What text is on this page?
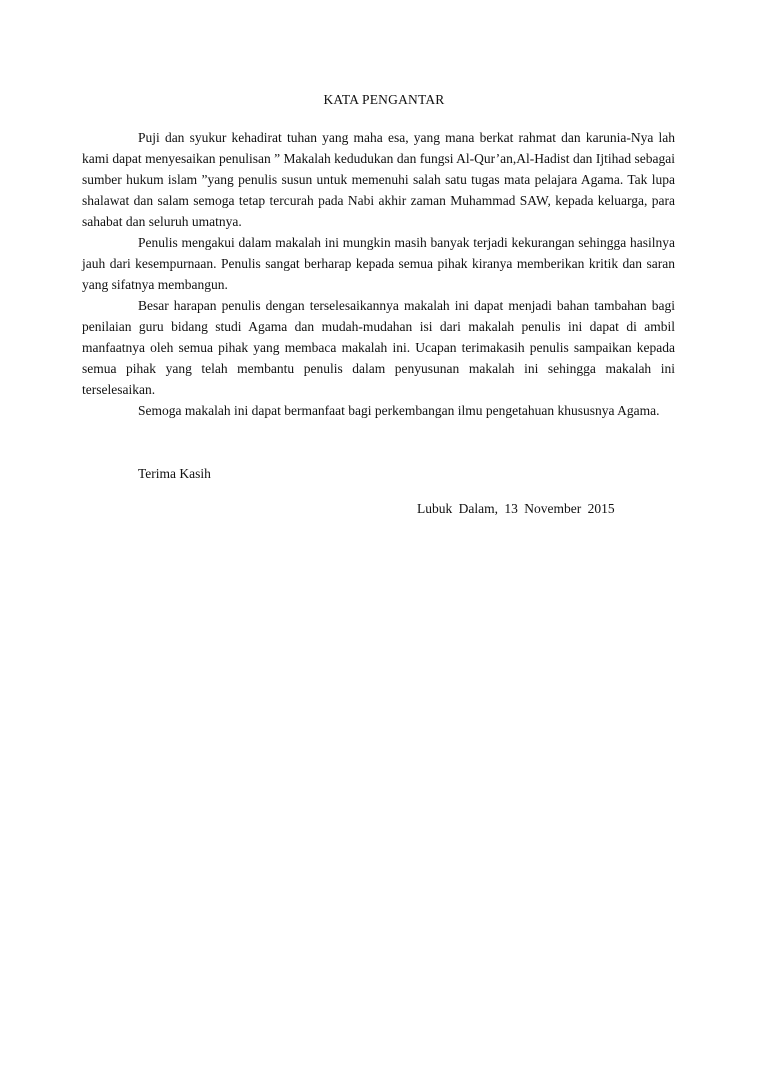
KATA PENGANTAR

Puji dan syukur kehadirat tuhan yang maha esa, yang mana berkat rahmat dan karunia-Nya lah kami dapat menyesaikan penulisan ” Makalah kedudukan dan fungsi Al-Qur’an,Al-Hadist dan Ijtihad sebagai sumber hukum islam ”yang penulis susun untuk memenuhi salah satu tugas mata pelajara Agama. Tak lupa shalawat dan salam semoga tetap tercurah pada Nabi akhir zaman Muhammad SAW, kepada keluarga, para sahabat dan seluruh umatnya.

Penulis mengakui dalam makalah ini mungkin masih banyak terjadi kekurangan sehingga hasilnya jauh dari kesempurnaan. Penulis sangat berharap kepada semua pihak kiranya memberikan kritik dan saran yang sifatnya membangun.

Besar harapan penulis dengan terselesaikannya makalah ini dapat menjadi bahan tambahan bagi penilaian guru bidang studi Agama dan mudah-mudahan isi dari makalah penulis ini dapat di ambil manfaatnya oleh semua pihak yang membaca makalah ini. Ucapan terimakasih penulis sampaikan kepada semua pihak yang telah membantu penulis dalam penyusunan makalah ini sehingga makalah ini terselesaikan.

Semoga makalah ini dapat bermanfaat bagi perkembangan ilmu pengetahuan khususnya Agama.

Terima Kasih
Lubuk Dalam, 13 November 2015
